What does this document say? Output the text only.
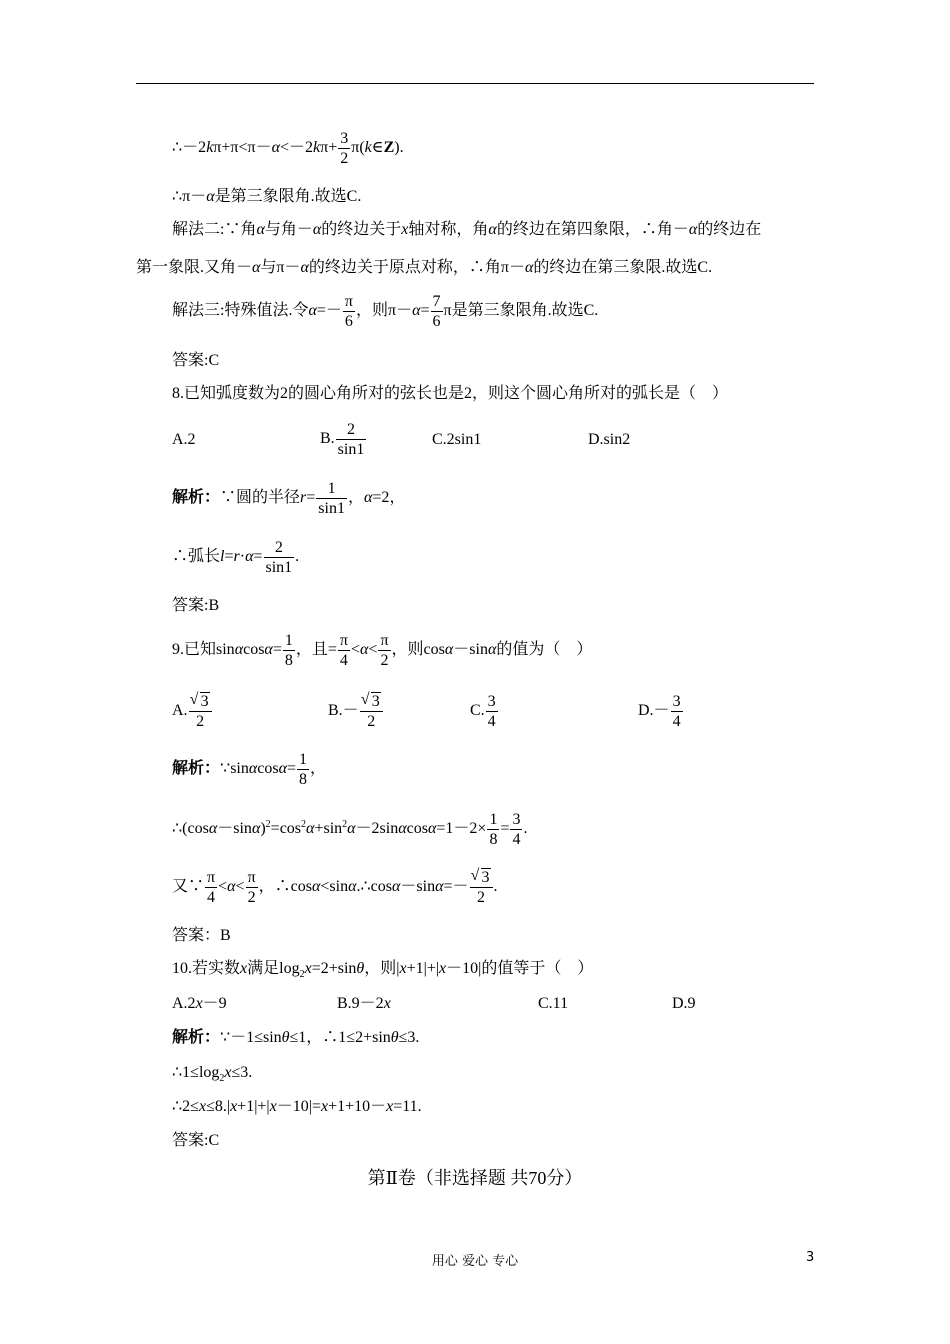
∴－2kπ+π<π－α<－2kπ+ $\frac{3}{2}$ π(k∈Z).
∴π－α是第三象限角.故选C.
解法二:∵角α与角－α的终边关于x轴对称，角α的终边在第四象限，∴角－α的终边在
第一象限.又角－α与π－α的终边关于原点对称，∴角π－α的终边在第三象限.故选C.
解法三:特殊值法.令$\alpha=- \frac{\pi}{6}$ ，则$\pi-\alpha= \frac{7}{6}$ π是第三象限角.故选C.
答案:C
8.已知弧度数为2的圆心角所对的弦长也是2，则这个圆心角所对的弧长是（　）
A.2	B. $\frac{2}{\sin 1}$	C.2sin1	D.sin2
解析：∵圆的半径$r= \frac{1}{\sin 1}$ ，α=2，
∴弧长$l=r\cdot\alpha= \frac{2}{\sin 1}$ .
答案:B
9.已知$\sin\alpha\cos\alpha= \frac{1}{8}$ ，且= $\frac{\pi}{4} <\alpha< \frac{\pi}{2}$ ，则cosα－sinα的值为（　）
A. √ $\frac{3}{2}$	B.－ √ $\frac{3}{2}$	C. $\frac{3}{4}$	$D.- \frac{3}{4}$
解析：∵sinαcosα= $\frac{1}{8}$ ，
$\therefore(\cos\alpha-\sin\alpha)^2=\cos^2\alpha+\sin^2\alpha-2\sin\alpha\cos\alpha=1-2\times \frac{1}{8} = \frac{3}{4}$ .
又∵ $\frac{\pi}{4} <\alpha< \frac{\pi}{2}$ ，∴cosα<sinα.∴cosα－sinα=－ √ $\frac{3}{2}$ .
答案：B
10.若实数x满足$\log_2x=2+\sin\theta$，则|x+1|+|x－10|的值等于（　）
A.2x－9	B.9－2x	C.11	D.9
解析：∵－1≤sinθ≤1，∴1≤2+sinθ≤3.
$\therefore 1\le\log_2x\le 3$.
∴2≤x≤8.|x+1|+|x－10|=x+1+10－x=11.
答案:C
第Ⅱ卷（非选择题 共70分）
用心 爱心 专心	3
